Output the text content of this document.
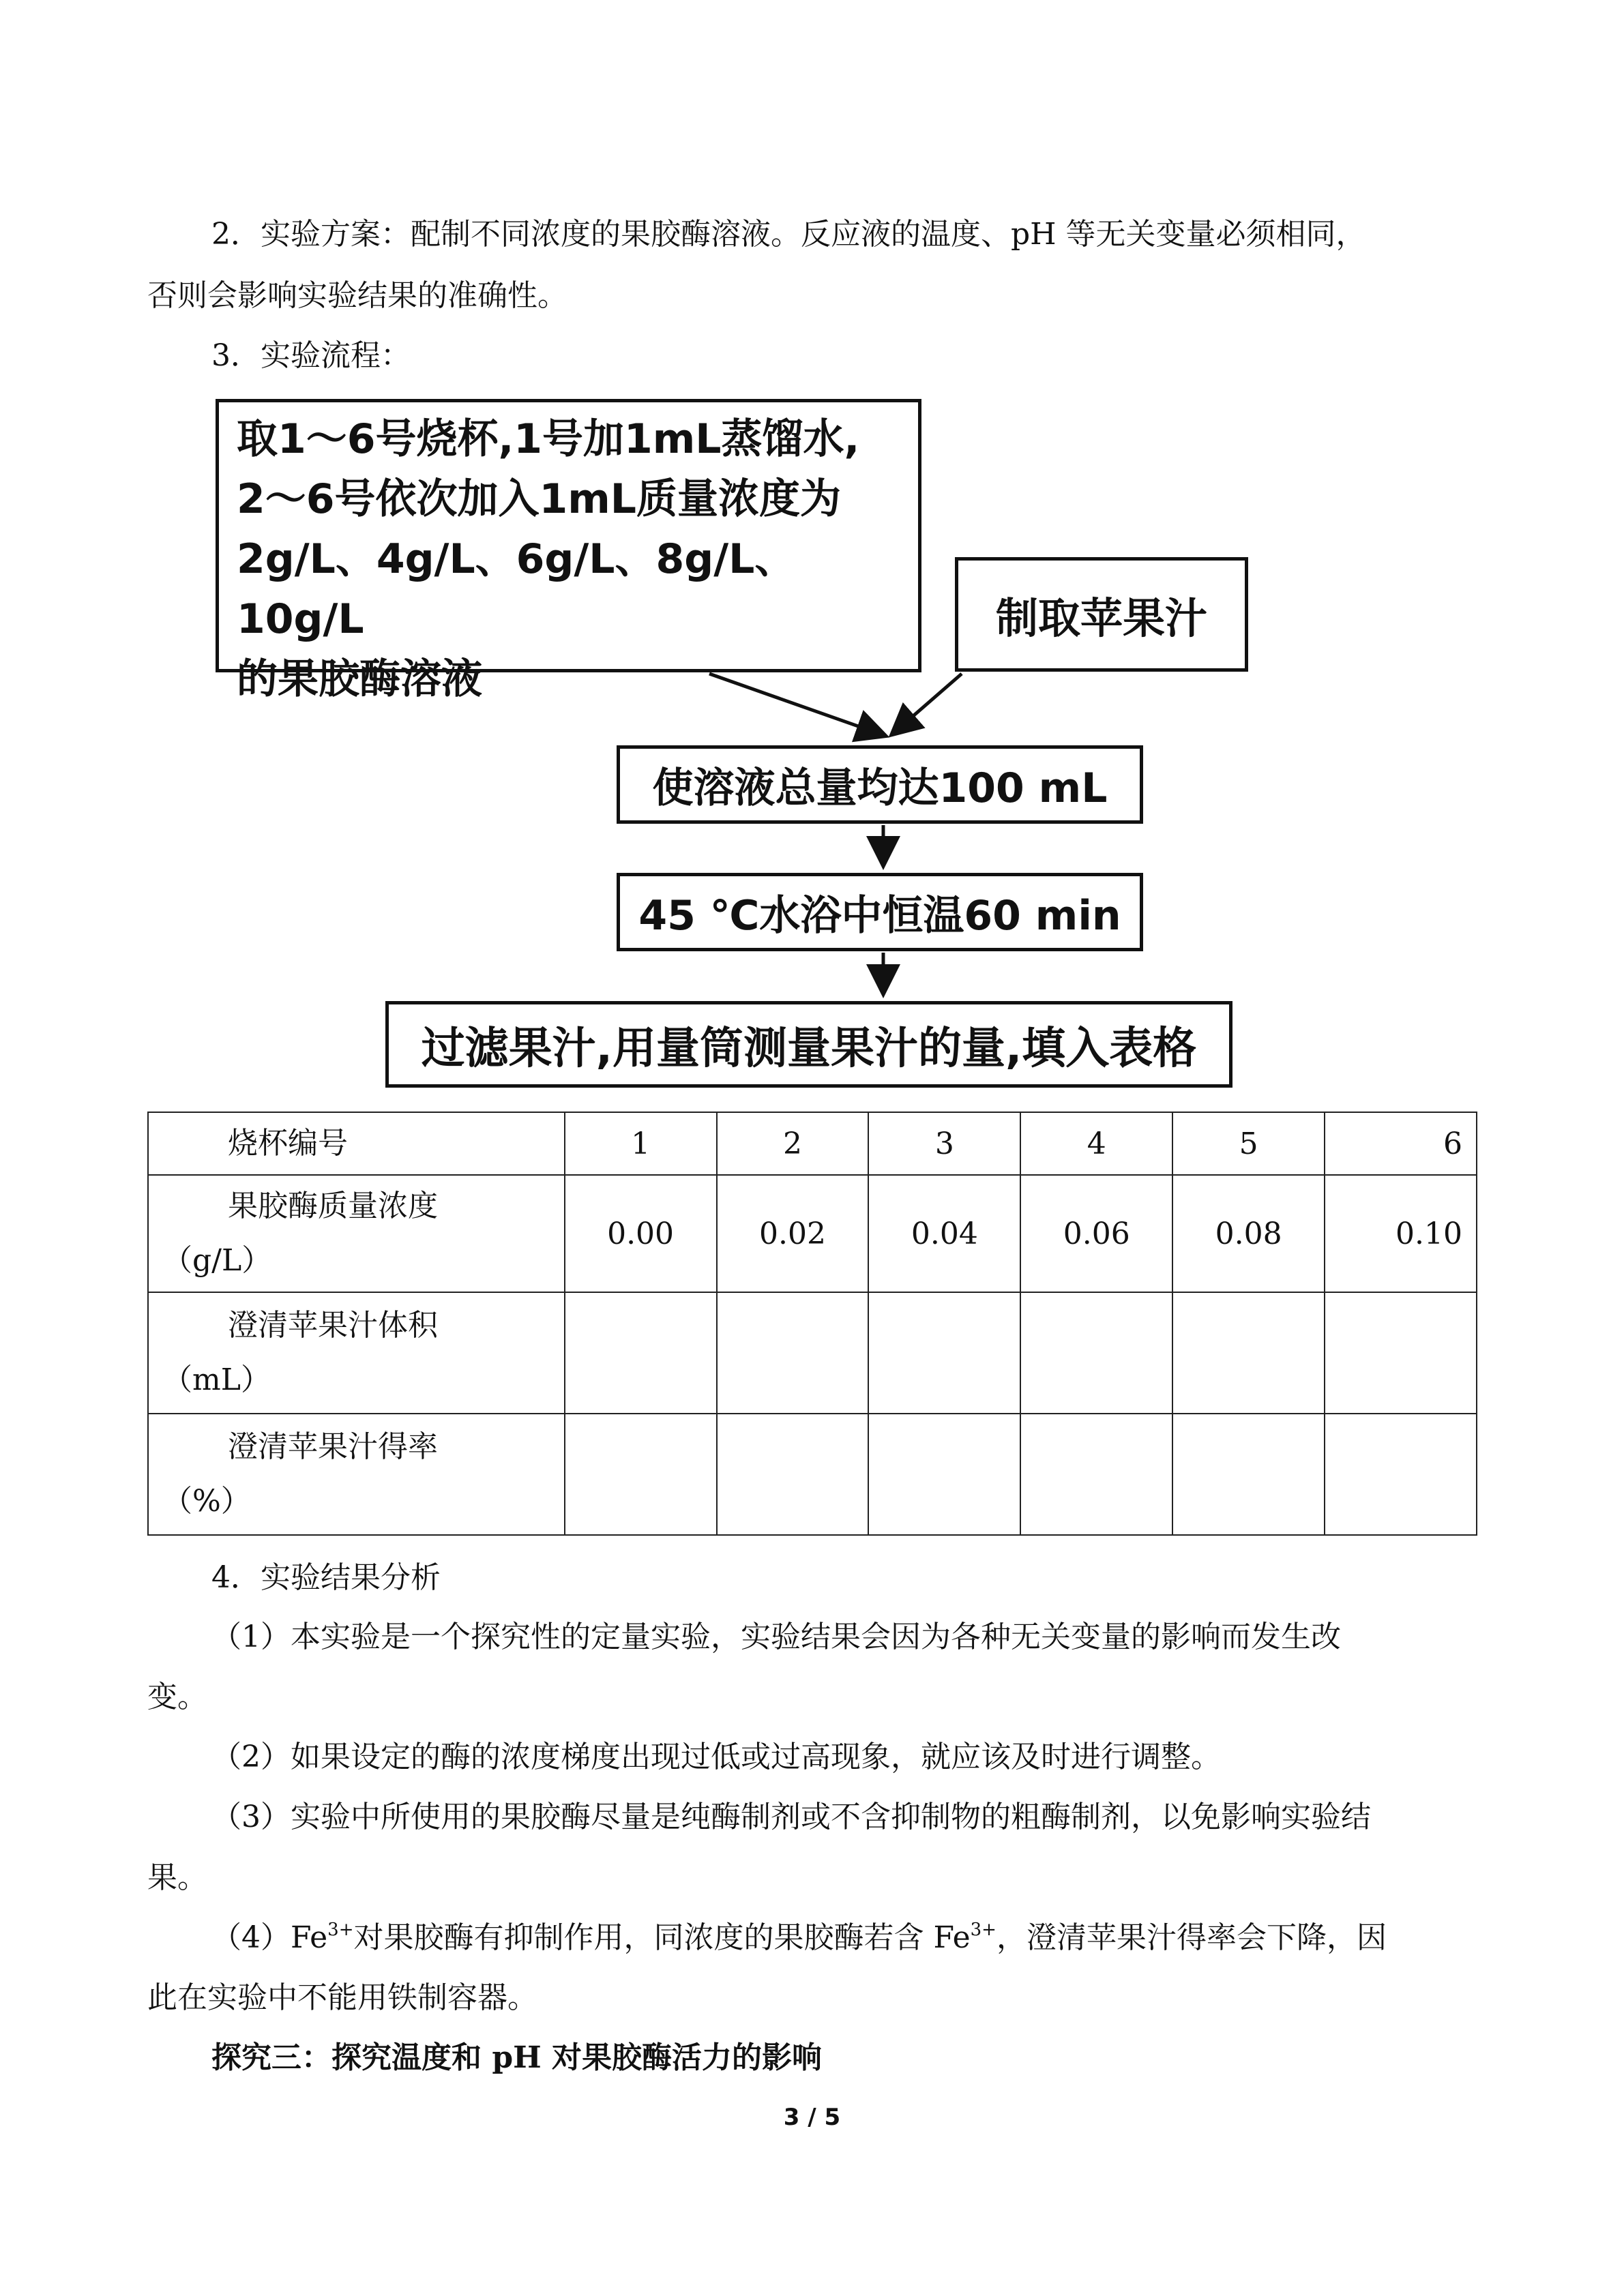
2．实验方案：配制不同浓度的果胶酶溶液。反应液的温度、pH 等无关变量必须相同，
否则会影响实验结果的准确性。
3．实验流程：
取1～6号烧杯,1号加1mL蒸馏水,
2～6号依次加入1mL质量浓度为
2g/L、4g/L、6g/L、8g/L、10g/L
的果胶酶溶液
制取苹果汁
使溶液总量均达100 mL
45 ℃水浴中恒温60 min
过滤果汁,用量筒测量果汁的量,填入表格
烧杯编号	1	2	3	4	5	6

果胶酶质量浓度
（g/L）	0.00	0.02	0.04	0.06	0.08	0.10

澄清苹果汁体积
（mL）						

澄清苹果汁得率
（%）						

4．实验结果分析
（1）本实验是一个探究性的定量实验，实验结果会因为各种无关变量的影响而发生改
变。
（2）如果设定的酶的浓度梯度出现过低或过高现象，就应该及时进行调整。
（3）实验中所使用的果胶酶尽量是纯酶制剂或不含抑制物的粗酶制剂，以免影响实验结
果。
$(4)Fe^{3+}$对果胶酶有抑制作用，同浓度的果胶酶若含 $Fe^{3+}$，澄清苹果汁得率会下降，因
此在实验中不能用铁制容器。
探究三：探究温度和 pH 对果胶酶活力的影响
3 / 5
